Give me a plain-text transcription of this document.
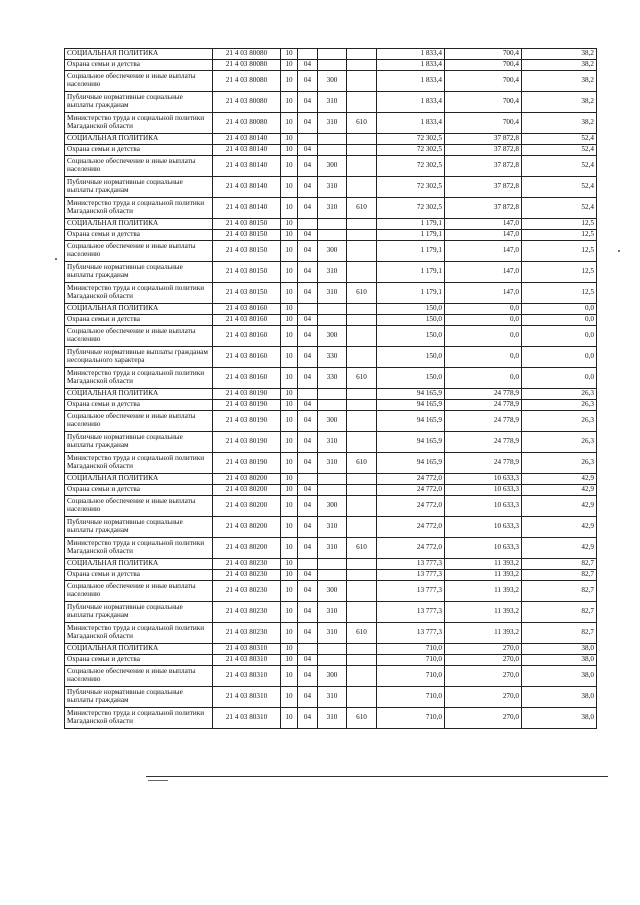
СОЦИАЛЬНАЯ ПОЛИТИКА	21 4 03 80080	10				1 833,4	700,4	38,2
Охрана семьи и детства	21 4 03 80080	10	04			1 833,4	700,4	38,2
Социальное обеспечение и иные выплаты населению	21 4 03 80080	10	04	300		1 833,4	700,4	38,2
Публичные нормативные социальные выплаты гражданам	21 4 03 80080	10	04	310		1 833,4	700,4	38,2
Министерство труда и социальной политики Магаданской области	21 4 03 80080	10	04	310	610	1 833,4	700,4	38,2
СОЦИАЛЬНАЯ ПОЛИТИКА	21 4 03 80140	10				72 302,5	37 872,8	52,4
Охрана семьи и детства	21 4 03 80140	10	04			72 302,5	37 872,8	52,4
Социальное обеспечение и иные выплаты населению	21 4 03 80140	10	04	300		72 302,5	37 872,8	52,4
Публичные нормативные социальные выплаты гражданам	21 4 03 80140	10	04	310		72 302,5	37 872,8	52,4
Министерство труда и социальной политики Магаданской области	21 4 03 80140	10	04	310	610	72 302,5	37 872,8	52,4
СОЦИАЛЬНАЯ ПОЛИТИКА	21 4 03 80150	10				1 179,1	147,0	12,5
Охрана семьи и детства	21 4 03 80150	10	04			1 179,1	147,0	12,5
Социальное обеспечение и иные выплаты населению	21 4 03 80150	10	04	300		1 179,1	147,0	12,5
Публичные нормативные социальные выплаты гражданам	21 4 03 80150	10	04	310		1 179,1	147,0	12,5
Министерство труда и социальной политики Магаданской области	21 4 03 80150	10	04	310	610	1 179,1	147,0	12,5
СОЦИАЛЬНАЯ ПОЛИТИКА	21 4 03 80160	10				150,0	0,0	0,0
Охрана семьи и детства	21 4 03 80160	10	04			150,0	0,0	0,0
Социальное обеспечение и иные выплаты населению	21 4 03 80160	10	04	300		150,0	0,0	0,0
Публичные нормативные выплаты гражданам несоциального характера	21 4 03 80160	10	04	330		150,0	0,0	0,0
Министерство труда и социальной политики Магаданской области	21 4 03 80160	10	04	330	610	150,0	0,0	0,0
СОЦИАЛЬНАЯ ПОЛИТИКА	21 4 03 80190	10				94 165,9	24 778,9	26,3
Охрана семьи и детства	21 4 03 80190	10	04			94 165,9	24 778,9	26,3
Социальное обеспечение и иные выплаты населению	21 4 03 80190	10	04	300		94 165,9	24 778,9	26,3
Публичные нормативные социальные выплаты гражданам	21 4 03 80190	10	04	310		94 165,9	24 778,9	26,3
Министерство труда и социальной политики Магаданской области	21 4 03 80190	10	04	310	610	94 165,9	24 778,9	26,3
СОЦИАЛЬНАЯ ПОЛИТИКА	21 4 03 80200	10				24 772,0	10 633,3	42,9
Охрана семьи и детства	21 4 03 80200	10	04			24 772,0	10 633,3	42,9
Социальное обеспечение и иные выплаты населению	21 4 03 80200	10	04	300		24 772,0	10 633,3	42,9
Публичные нормативные социальные выплаты гражданам	21 4 03 80200	10	04	310		24 772,0	10 633,3	42,9
Министерство труда и социальной политики Магаданской области	21 4 03 80200	10	04	310	610	24 772,0	10 633,3	42,9
СОЦИАЛЬНАЯ ПОЛИТИКА	21 4 03 80230	10				13 777,3	11 393,2	82,7
Охрана семьи и детства	21 4 03 80230	10	04			13 777,3	11 393,2	82,7
Социальное обеспечение и иные выплаты населению	21 4 03 80230	10	04	300		13 777,3	11 393,2	82,7
Публичные нормативные социальные выплаты гражданам	21 4 03 80230	10	04	310		13 777,3	11 393,2	82,7
Министерство труда и социальной политики Магаданской области	21 4 03 80230	10	04	310	610	13 777,3	11 393,2	82,7
СОЦИАЛЬНАЯ ПОЛИТИКА	21 4 03 80310	10				710,0	270,0	38,0
Охрана семьи и детства	21 4 03 80310	10	04			710,0	270,0	38,0
Социальное обеспечение и иные выплаты населению	21 4 03 80310	10	04	300		710,0	270,0	38,0
Публичные нормативные социальные выплаты гражданам	21 4 03 80310	10	04	310		710,0	270,0	38,0
Министерство труда и социальной политики Магаданской области	21 4 03 80310	10	04	310	610	710,0	270,0	38,0
